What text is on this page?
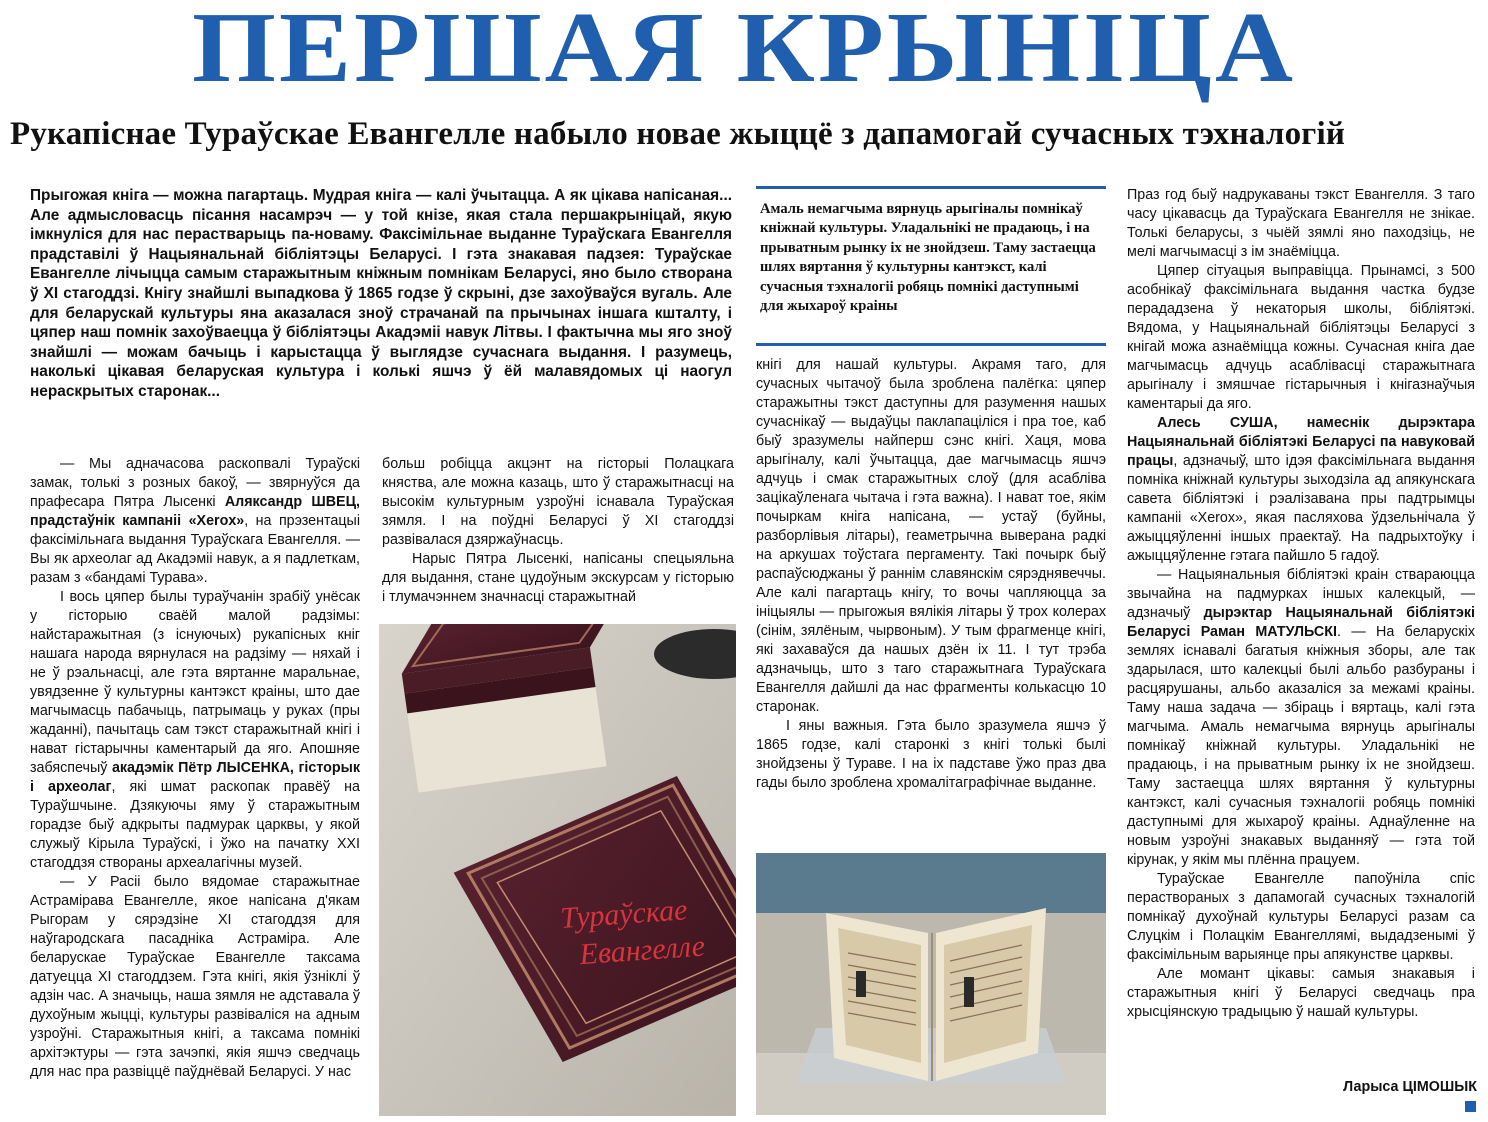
ПЕРШАЯ КРЫНІЦА
Рукапіснае Тураўскае Евангелле набыло новае жыццё з дапамогай сучасных тэхналогій
Прыгожая кніга — можна пагартаць. Мудрая кніга — калі ўчытацца. А як цікава напісаная... Але адмысловасць пісання насамрэч — у той кнізе, якая стала першакрыніцай, якую імкнуліся для нас перастварыць па-новаму. Факсімільнае выданне Тураўскага Евангелля прадставілі ў Нацыянальнай бібліятэцы Беларусі. І гэта знакавая падзея: Тураўскае Евангелле лічыцца самым старажытным кніжным помнікам Беларусі, яно было створана ў XI стагоддзі. Кнігу знайшлі выпадкова ў 1865 годзе ў скрыні, дзе захоўваўся вугаль. Але для беларускай культуры яна аказалася зноў страчанай па прычынах іншага кшталту, і цяпер наш помнік захоўваецца ў бібліятэцы Акадэміі навук Літвы. І фактычна мы яго зноў знайшлі — можам бачыць і карыстацца ў выглядзе сучаснага выдання. І разумець, наколькі цікавая беларуская культура і колькі яшчэ ў ёй малавядомых ці наогул нераскрытых старонак...
Амаль немагчыма вярнуць арыгіналы помнікаў кніжнай культуры. Уладальнікі не прадаюць, і на прыватным рынку іх не знойдзеш. Таму застаецца шлях вяртання ў культурны кантэкст, калі сучасныя тэхналогіі робяць помнікі даступнымі для жыхароў краіны

— Мы адначасова раскопвалі Тураўскі замак, толькі з розных бакоў, — звярнуўся да прафесара Пятра Лысенкі Аляксандр ШВЕЦ, прадстаўнік кампаніі «Xerox», на прэзентацыі факсімільнага выдання Тураўскага Евангелля. — Вы як археолаг ад Акадэміі навук, а я падлеткам, разам з «бандамі Турава».

І вось цяпер былы тураўчанін зрабіў унёсак у гісторыю сваёй малой радзімы: найстаражытная (з існуючых) рукапісных кніг нашага народа вярнулася на радзіму — няхай і не ў рэальнасці, але гэта вяртанне маральнае, увядзенне ў культурны кантэкст краіны, што дае магчымасць пабачыць, патрымаць у руках (пры жаданні), пачытаць сам тэкст старажытнай кнігі і нават гістарычны каментарый да яго. Апошняе забяспечыў акадэмік Пётр ЛЫСЕНКА, гісторык і археолаг, які шмат раскопак правёў на Тураўшчыне. Дзякуючы яму ў старажытным горадзе быў адкрыты падмурак царквы, у якой служыў Кірыла Тураўскі, і ўжо на пачатку XXI стагоддзя створаны археалагічны музей.

— У Расіі было вядомае старажытнае Астрамірава Евангелле, якое напісана д'якам Рыгорам у сярэдзіне XI стагоддзя для наўгародскага пасадніка Астраміра. Але беларускае Тураўскае Евангелле таксама датуецца XI стагоддзем. Гэта кнігі, якія ўзніклі ў адзін час. А значыць, наша зямля не адставала ў духоўным жыцці, культуры развіваліся на адным узроўні. Старажытныя кнігі, а таксама помнікі архітэктуры — гэта зачэпкі, якія яшчэ сведчаць для нас пра развіццё паўднёвай Беларусі. У нас

больш робіцца акцэнт на гісторыі Полацкага княства, але можна казаць, што ў старажытнасці на высокім культурным узроўні існавала Тураўская зямля. І на поўдні Беларусі ў XI стагоддзі развівалася дзяржаўнасць.

Нарыс Пятра Лысенкі, напісаны спецыяльна для выдання, стане цудоўным экскурсам у гісторыю і тлумачэннем значнасці старажытнай

Тураўскае
Евангелле

кнігі для нашай культуры. Акрамя таго, для сучасных чытачоў была зроблена палёгка: цяпер старажытны тэкст даступны для разумення нашых сучаснікаў — выдаўцы паклапаціліся і пра тое, каб быў зразумелы найперш сэнс кнігі. Хаця, мова арыгіналу, калі ўчытацца, дае магчымасць яшчэ адчуць і смак старажытных слоў (для асабліва зацікаўленага чытача і гэта важна). І нават тое, якім почыркам кніга напісана, — устаў (буйны, разборлівыя літары), геаметрычна выверана радкі на аркушах тоўстага пергаменту. Такі почырк быў распаўсюджаны ў раннім славянскім сярэднявеччы. Але калі пагартаць кнігу, то вочы чапляюцца за ініцыялы — прыгожыя вялікія літары ў трох колерах (сінім, зялёным, чырвоным). У тым фрагменце кнігі, які захаваўся да нашых дзён іх 11. І тут трэба адзначыць, што з таго старажытнага Тураўскага Евангелля дайшлі да нас фрагменты колькасцю 10 старонак.

І яны важныя. Гэта было зразумела яшчэ ў 1865 годзе, калі старонкі з кнігі толькі былі знойдзены ў Тураве. І на іх падставе ўжо праз два гады было зроблена хромалітаграфічнае выданне.

Праз год быў надрукаваны тэкст Евангелля. З таго часу цікавасць да Тураўскага Евангелля не знікае. Толькі беларусы, з чыёй зямлі яно паходзіць, не мелі магчымасці з ім знаёміцца.

Цяпер сітуацыя выправіцца. Прынамсі, з 500 асобнікаў факсімільнага выдання частка будзе перададзена ў некаторыя школы, бібліятэкі. Вядома, у Нацыянальнай бібліятэцы Беларусі з кнігай можа азнаёміцца кожны. Сучасная кніга дае магчымасць адчуць асаблівасці старажытнага арыгіналу і змяшчае гістарычныя і кнігазнаўчыя каментарыі да яго.

Алесь СУША, намеснік дырэктара Нацыянальнай бібліятэкі Беларусі па навуковай працы, адзначыў, што ідэя факсімільнага выдання помніка кніжнай культуры зыходзіла ад апякунскага савета бібліятэкі і рэалізавана пры падтрымцы кампаніі «Xerox», якая пасляхова ўдзельнічала ў ажыццяўленні іншых праектаў. На падрыхтоўку і ажыццяўленне гэтага пайшло 5 гадоў.

— Нацыянальныя бібліятэкі краін ствараюцца звычайна на падмурках іншых калекцый, — адзначыў дырэктар Нацыянальнай бібліятэкі Беларусі Раман МАТУЛЬСКІ. — На беларускіх землях існавалі багатыя кніжныя зборы, але так здарылася, што калекцыі былі альбо разбураны і расцярушаны, альбо аказаліся за межамі краіны. Таму наша задача — збіраць і вяртаць, калі гэта магчыма. Амаль немагчыма вярнуць арыгіналы помнікаў кніжнай культуры. Уладальнікі не прадаюць, і на прыватным рынку іх не знойдзеш. Таму застаецца шлях вяртання ў культурны кантэкст, калі сучасныя тэхналогіі робяць помнікі даступнымі для жыхароў краіны. Аднаўленне на новым узроўні знакавых выданняў — гэта той кірунак, у якім мы плённа працуем.

Тураўскае Евангелле папоўніла спіс пераствораных з дапамогай сучасных тэхналогій помнікаў духоўнай культуры Беларусі разам са Слуцкім і Полацкім Евангеллямі, выдадзенымі ў факсімільным варыянце пры апякунстве царквы.

Але момант цікавы: самыя знакавыя і старажытныя кнігі ў Беларусі сведчаць пра хрысціянскую традыцыю ў нашай культуры.

Ларыса ЦІМОШЫК
